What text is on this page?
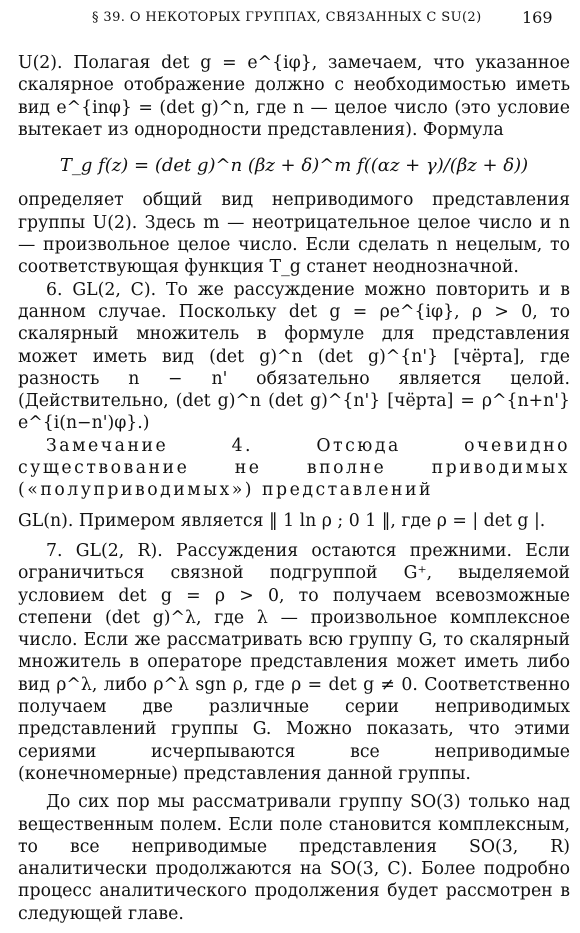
§ 39. О НЕКОТОРЫХ ГРУППАХ, СВЯЗАННЫХ С SU(2)	169

U(2). Полагая det g = e^{iφ}, замечаем, что указанное скалярное отображение должно с необходимостью иметь вид e^{inφ} = (det g)^n, где n — целое число (это условие вытекает из однородности представления). Формула

T_g f(z) = (det g)^n (βz + δ)^m f((αz + γ)/(βz + δ))

определяет общий вид неприводимого представления группы U(2). Здесь m — неотрицательное целое число и n — произвольное целое число. Если сделать n нецелым, то соответствующая функция T_g станет неоднозначной.

6. GL(2, C). То же рассуждение можно повторить и в данном случае. Поскольку det g = ρe^{iφ}, ρ > 0, то скалярный множитель в формуле для представления может иметь вид (det g)^n (det g)^{n'} [чёрта], где разность n − n' обязательно является целой. (Действительно, (det g)^n (det g)^{n'} [чёрта] = ρ^{n+n'} e^{i(n−n')φ}.)

Замечание 4. Отсюда очевидно существование не вполне приводимых («полуприводимых») представлений

GL(n). Примером является ‖ 1 ln ρ ; 0 1 ‖, где ρ = | det g |.

7. GL(2, R). Рассуждения остаются прежними. Если ограничиться связной подгруппой G⁺, выделяемой условием det g = ρ > 0, то получаем всевозможные степени (det g)^λ, где λ — произвольное комплексное число. Если же рассматривать всю группу G, то скалярный множитель в операторе представления может иметь либо вид ρ^λ, либо ρ^λ sgn ρ, где ρ = det g ≠ 0. Соответственно получаем две различные серии неприводимых представлений группы G. Можно показать, что этими сериями исчерпываются все неприводимые (конечномерные) представления данной группы.

До сих пор мы рассматривали группу SO(3) только над вещественным полем. Если поле становится комплексным, то все неприводимые представления SO(3, R) аналитически продолжаются на SO(3, C). Более подробно процесс аналитического продолжения будет рассмотрен в следующей главе.
